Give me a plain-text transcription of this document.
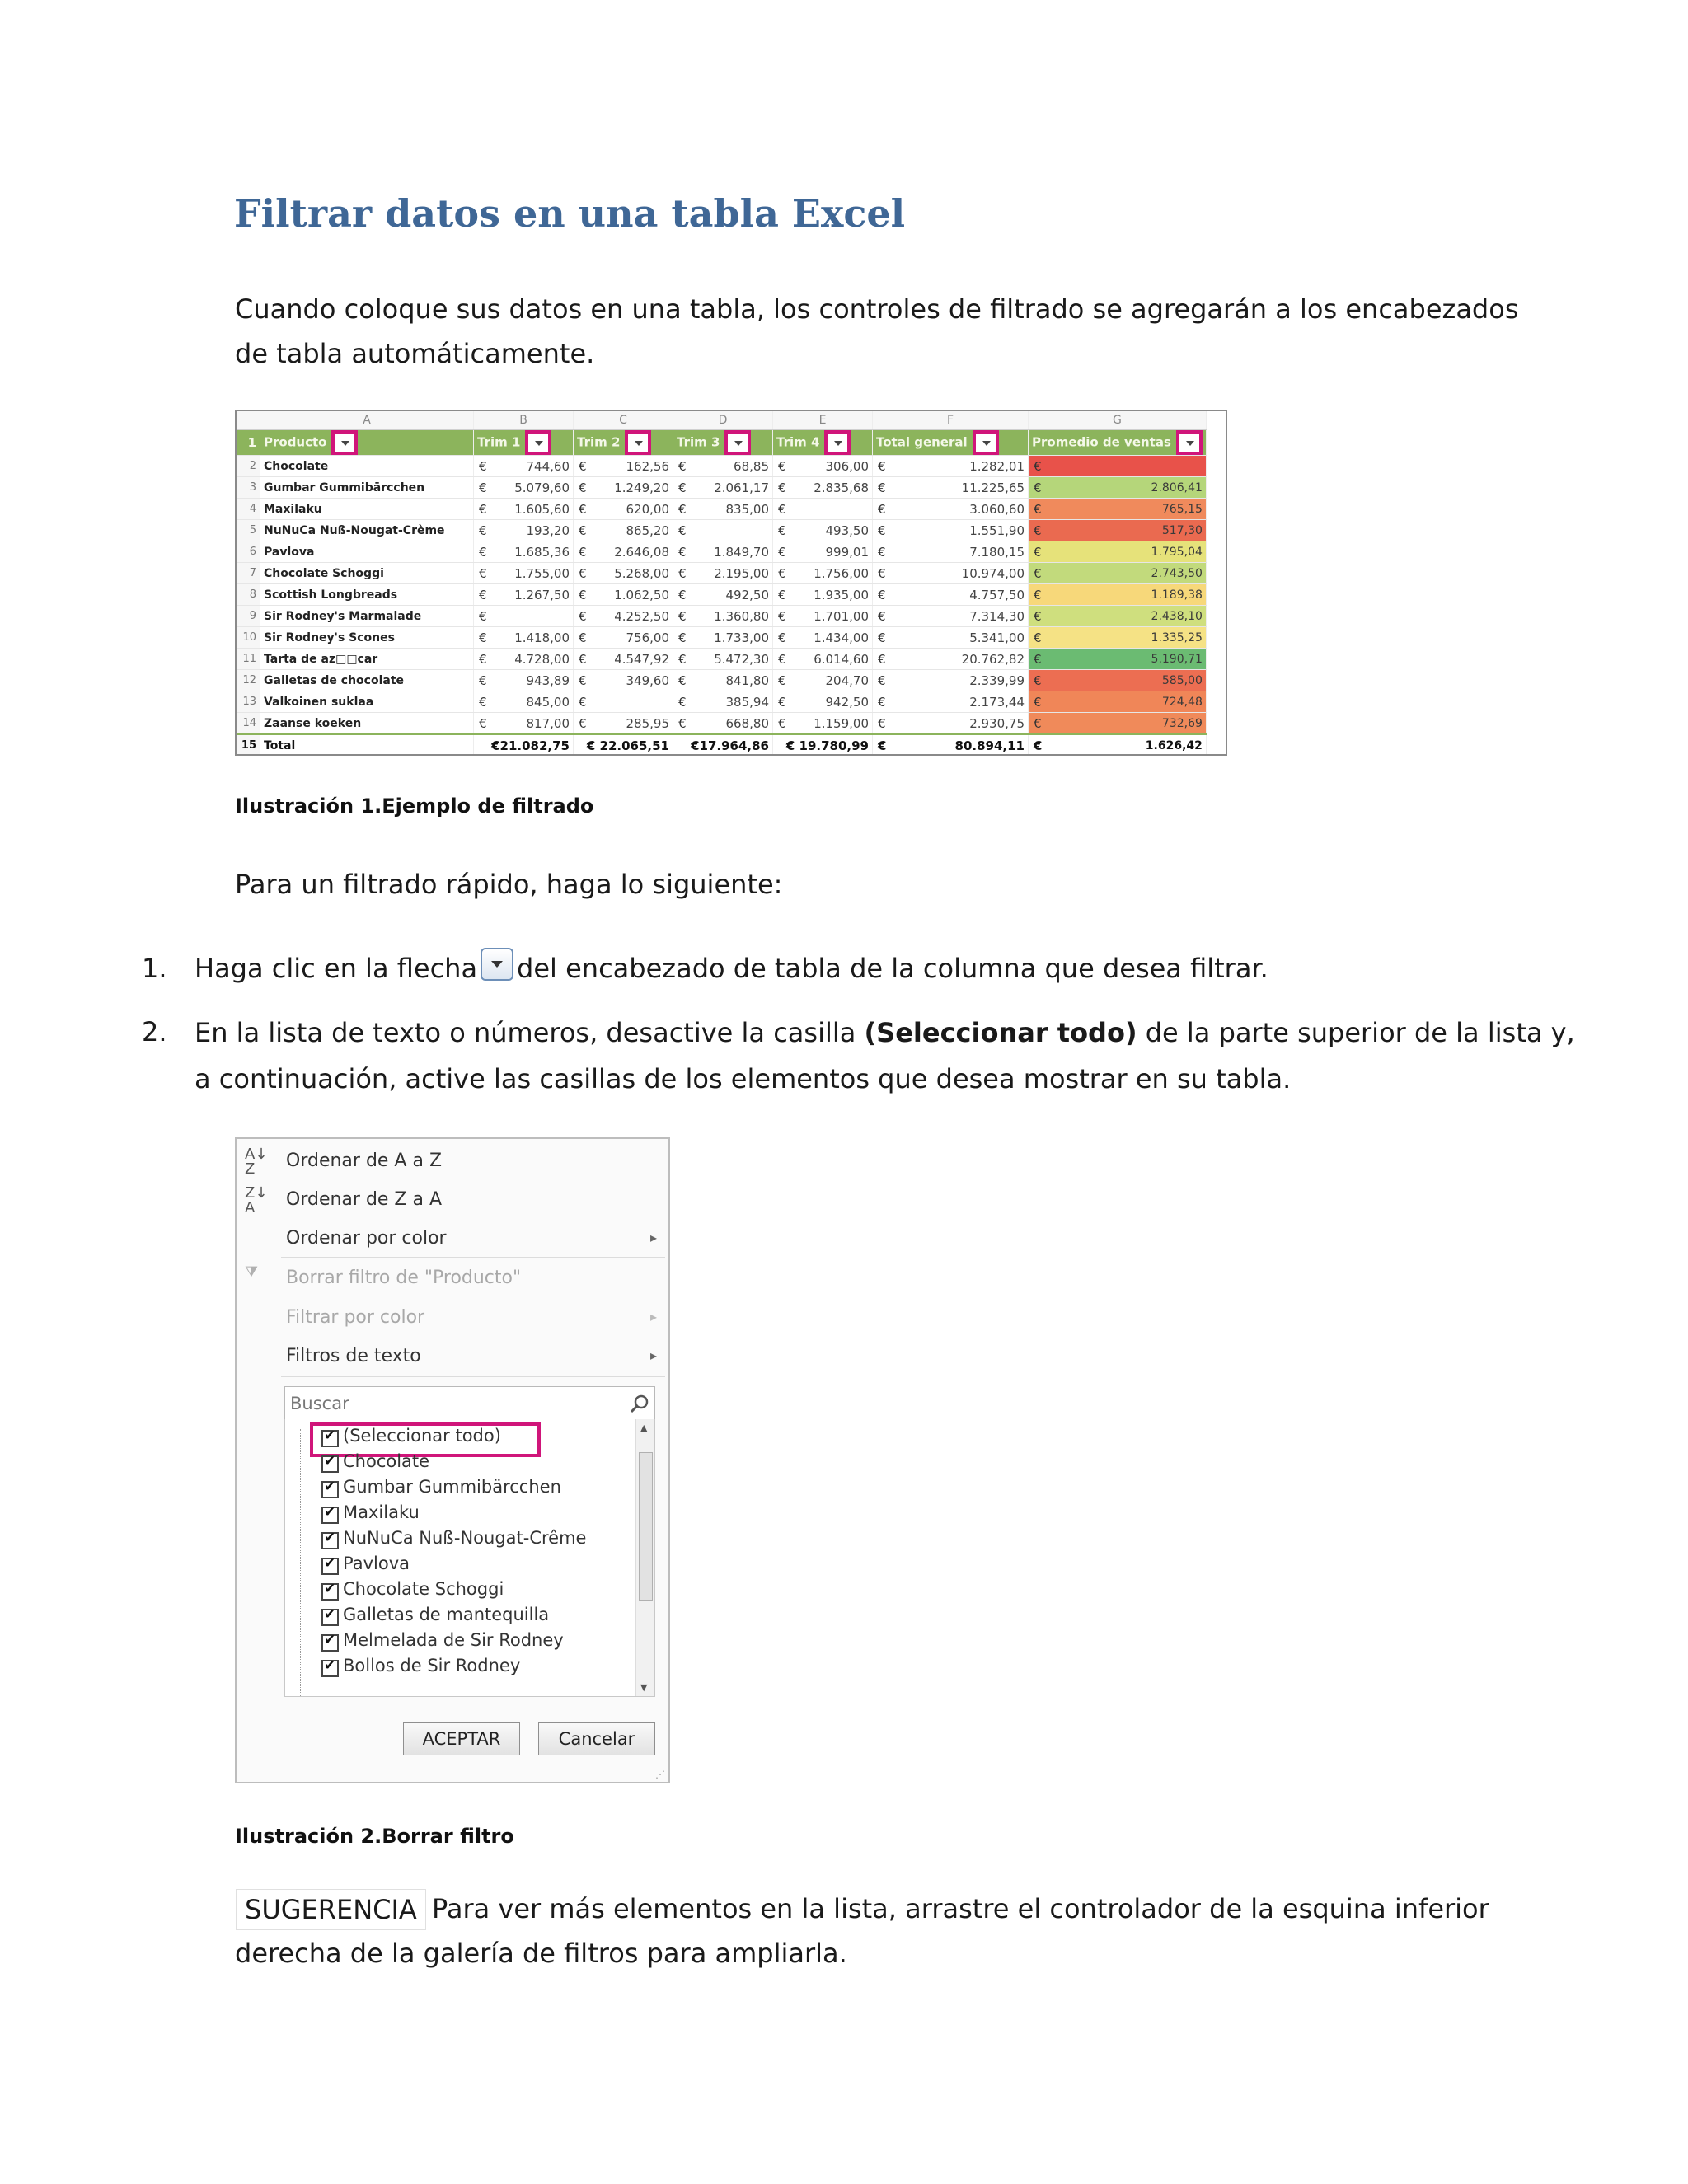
Filtrar datos en una tabla Excel
Cuando coloque sus datos en una tabla, los controles de filtrado se agregarán a los encabezados
de tabla automáticamente.
	A	B		C		D		E		F		G	
1	Producto	Trim 1		Trim 2		Trim 3		Trim 4		Total general		Promedio de ventas	
2	Chocolate	€	744,60	€	162,56	€	68,85	€	306,00	€	1.282,01	€	
3	Gumbar Gummibärcchen	€	5.079,60	€	1.249,20	€	2.061,17	€	2.835,68	€	11.225,65	€	2.806,41
4	Maxilaku	€	1.605,60	€	620,00	€	835,00	€		€	3.060,60	€	765,15
5	NuNuCa Nuß-Nougat-Crème	€	193,20	€	865,20	€		€	493,50	€	1.551,90	€	517,30
6	Pavlova	€	1.685,36	€	2.646,08	€	1.849,70	€	999,01	€	7.180,15	€	1.795,04
7	Chocolate Schoggi	€	1.755,00	€	5.268,00	€	2.195,00	€	1.756,00	€	10.974,00	€	2.743,50
8	Scottish Longbreads	€	1.267,50	€	1.062,50	€	492,50	€	1.935,00	€	4.757,50	€	1.189,38
9	Sir Rodney's Marmalade	€		€	4.252,50	€	1.360,80	€	1.701,00	€	7.314,30	€	2.438,10
10	Sir Rodney's Scones	€	1.418,00	€	756,00	€	1.733,00	€	1.434,00	€	5.341,00	€	1.335,25
11	Tarta de az□□car	€	4.728,00	€	4.547,92	€	5.472,30	€	6.014,60	€	20.762,82	€	5.190,71
12	Galletas de chocolate	€	943,89	€	349,60	€	841,80	€	204,70	€	2.339,99	€	585,00
13	Valkoinen suklaa	€	845,00	€		€	385,94	€	942,50	€	2.173,44	€	724,48
14	Zaanse koeken	€	817,00	€	285,95	€	668,80	€	1.159,00	€	2.930,75	€	732,69
15	Total	€21.082,75		€ 22.065,51		€17.964,86		€ 19.780,99		€	80.894,11	€	1.626,42
Ilustración 1.Ejemplo de filtrado
Para un filtrado rápido, haga lo siguiente:
1. Haga clic en la flecha del encabezado de tabla de la columna que desea filtrar.
2. En la lista de texto o números, desactive la casilla (Seleccionar todo) de la parte superior de la lista y,
a continuación, active las casillas de los elementos que desea mostrar en su tabla.
A↓
Z	Ordenar de A a Z
Z↓
A	Ordenar de Z a A
Ordenar por color	▸
⧩ Borrar filtro de "Producto"
Filtrar por color	▸
Filtros de texto	▸
Buscar
✔
(Seleccionar todo)
✔
Chocolate
✔
Gumbar Gummibärcchen
✔
Maxilaku
✔
NuNuCa Nuß-Nougat-Crême
✔
Pavlova
✔
Chocolate Schoggi
✔
Galletas de mantequilla
✔
Melmelada de Sir Rodney
✔
Bollos de Sir Rodney
▲
▼
ACEPTAR	Cancelar
⋰
Ilustración 2.Borrar filtro
SUGERENCIA Para ver más elementos en la lista, arrastre el controlador de la esquina inferior
derecha de la galería de filtros para ampliarla.
